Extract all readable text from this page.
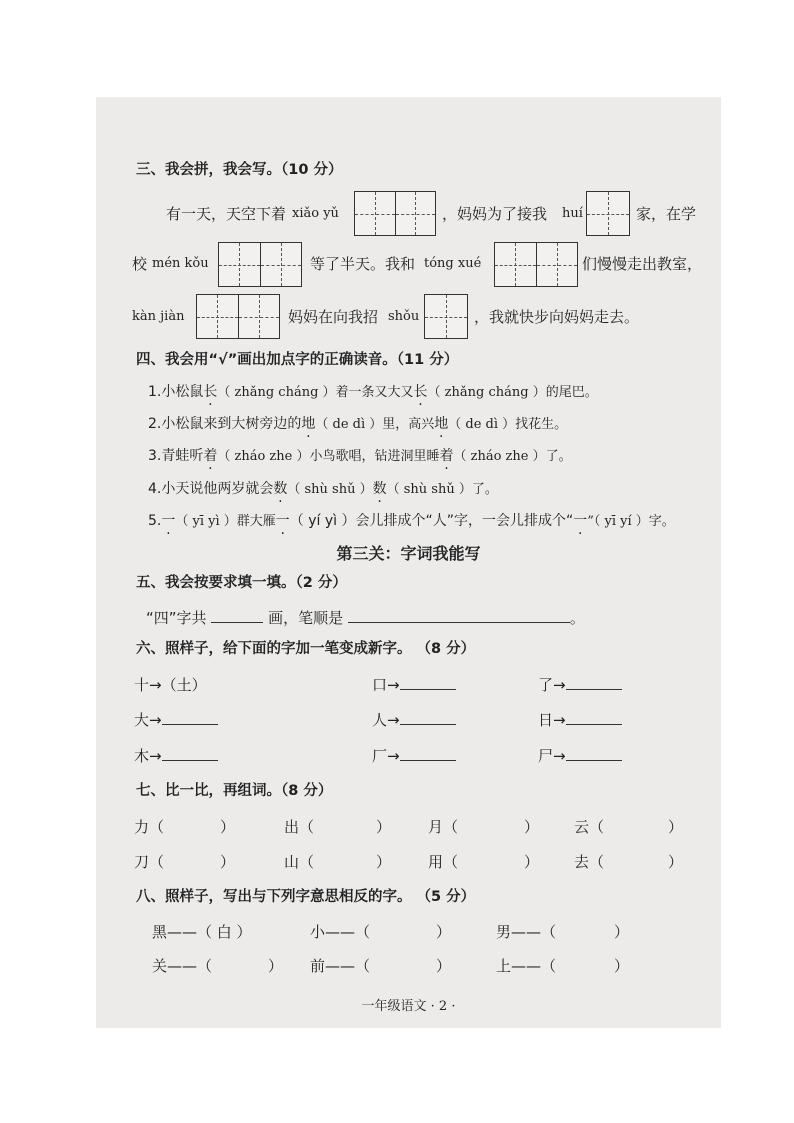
三、我会拼，我会写。（10 分）
有一天，天空下着 xiǎo yǔ	，妈妈为了接我 huí	家，在学
校 mén kǒu	等了半天。我和 tóng xué	们慢慢走出教室，
kàn jiàn	妈妈在向我招 shǒu	，我就快步向妈妈走去。
四、我会用“√”画出加点字的正确读音。（11 分）
1.小松鼠长（ zhǎng cháng ）着一条又大又长（ zhǎng cháng ）的尾巴。
2.小松鼠来到大树旁边的地（ de dì ）里，高兴地（ de dì ）找花生。
3.青蛙听着（ zháo zhe ）小鸟歌唱，钻进洞里睡着（ zháo zhe ）了。
4.小天说他两岁就会数（ shù shǔ ）数（ shù shǔ ）了。
5.一（ yī yì ）群大雁一（ yí yì ）会儿排成个“人”字，一会儿排成个“一”（ yī yí ）字。
第三关：字词我能写
五、我会按要求填一填。（2 分）
“四”字共	画，笔顺是	。
六、照样子，给下面的字加一笔变成新字。 （8 分）
十→（土）	口→	了→
大→	人→	日→
木→	厂→	尸→
七、比一比，再组词。（8 分）
力（	）	出（	） 月（	） 云（	）
刀（	）	山（	） 用（	） 去（	）
八、照样子，写出与下列字意思相反的字。 （5 分）
黑——（ 白 ）	小——（	）	男——（	）
关——（	） 前——（	）	上——（	）
一年级语文 · 2 ·
